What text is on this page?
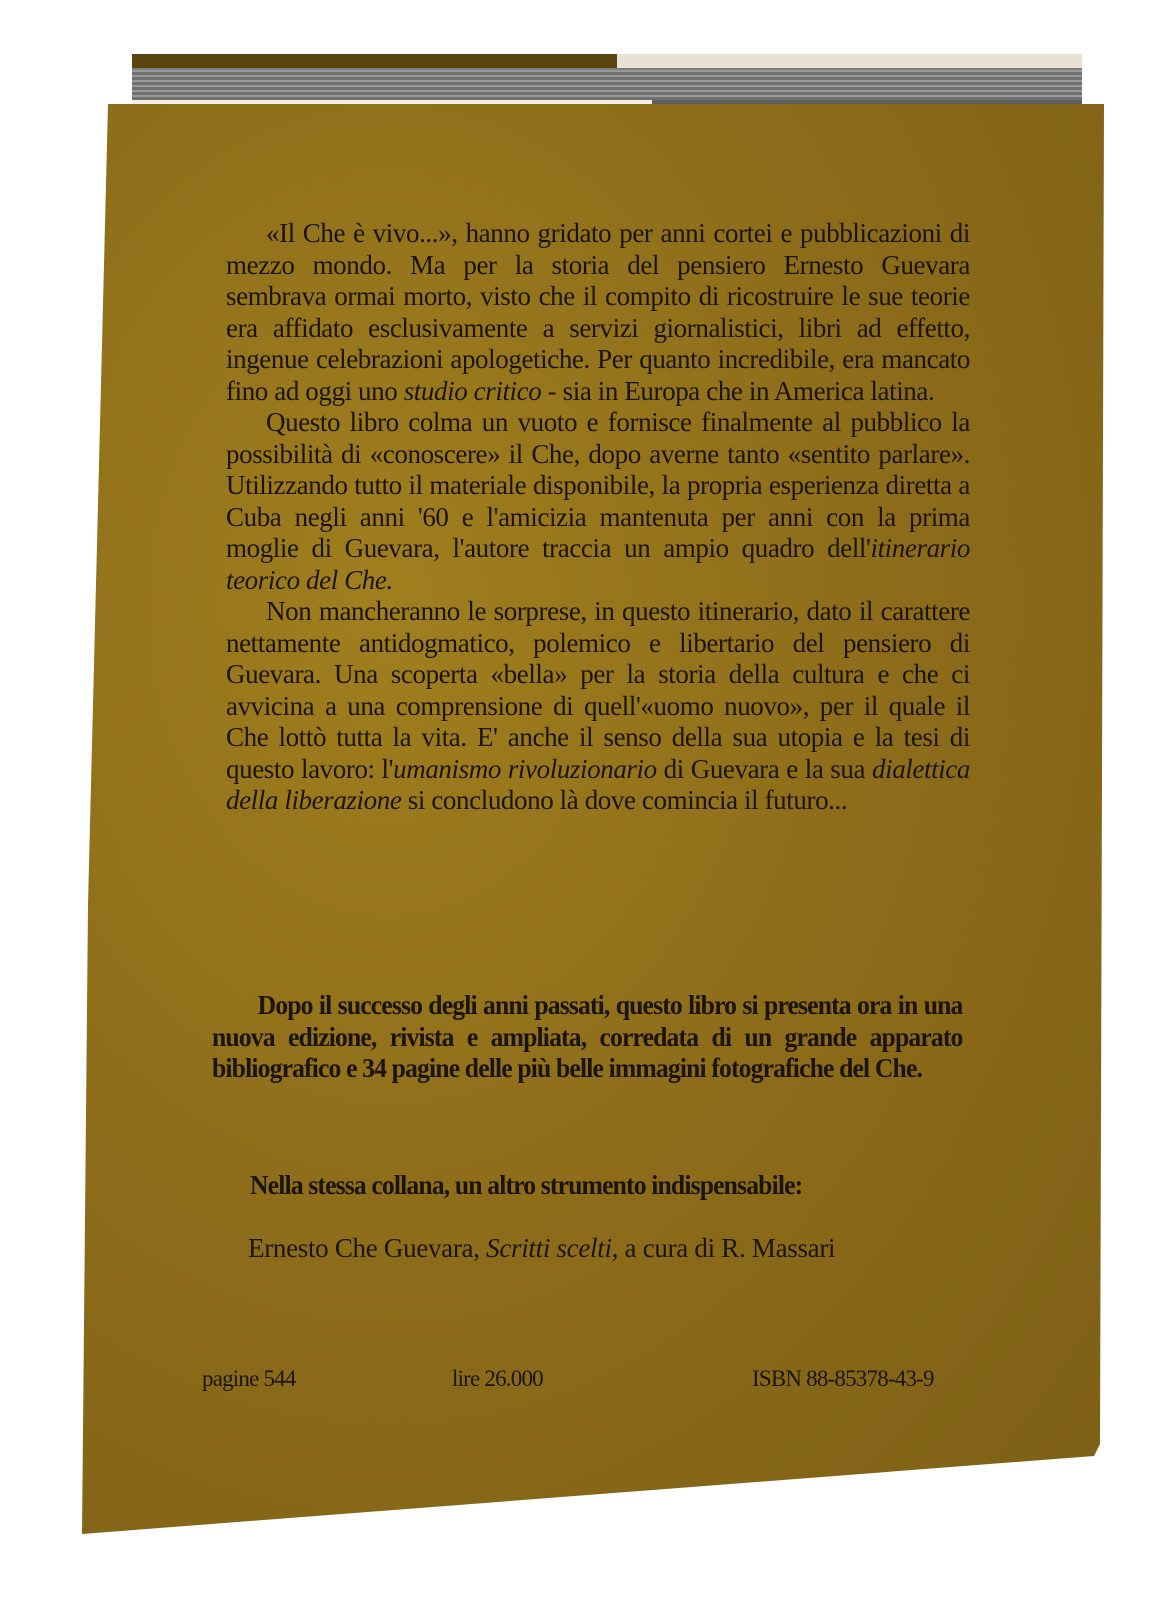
«Il Che è vivo...», hanno gridato per anni cortei e pubblicazioni di mezzo mondo. Ma per la storia del pensiero Ernesto Guevara sembrava ormai morto, visto che il compito di ricostruire le sue teorie era affidato esclusivamente a servizi giornalistici, libri ad effetto, ingenue celebrazioni apologetiche. Per quanto incredibile, era mancato fino ad oggi uno studio critico - sia in Europa che in America latina.

Questo libro colma un vuoto e fornisce finalmente al pubblico la possibilità di «conoscere» il Che, dopo averne tanto «sentito parlare». Utilizzando tutto il materiale disponibile, la propria esperienza diretta a Cuba negli anni '60 e l'amicizia mantenuta per anni con la prima moglie di Guevara, l'autore traccia un ampio quadro dell'itinerario teorico del Che.

Non mancheranno le sorprese, in questo itinerario, dato il carattere nettamente antidogmatico, polemico e libertario del pensiero di Guevara. Una scoperta «bella» per la storia della cultura e che ci avvicina a una comprensione di quell'«uomo nuovo», per il quale il Che lottò tutta la vita. E' anche il senso della sua utopia e la tesi di questo lavoro: l'umanismo rivoluzionario di Guevara e la sua dialettica della liberazione si concludono là dove comincia il futuro...

Dopo il successo degli anni passati, questo libro si presenta ora in una nuova edizione, rivista e ampliata, corredata di un grande apparato bibliografico e 34 pagine delle più belle immagini fotografiche del Che.

Nella stessa collana, un altro strumento indispensabile:
Ernesto Che Guevara, Scritti scelti, a cura di R. Massari
pagine 544	lire 26.000	ISBN 88-85378-43-9
